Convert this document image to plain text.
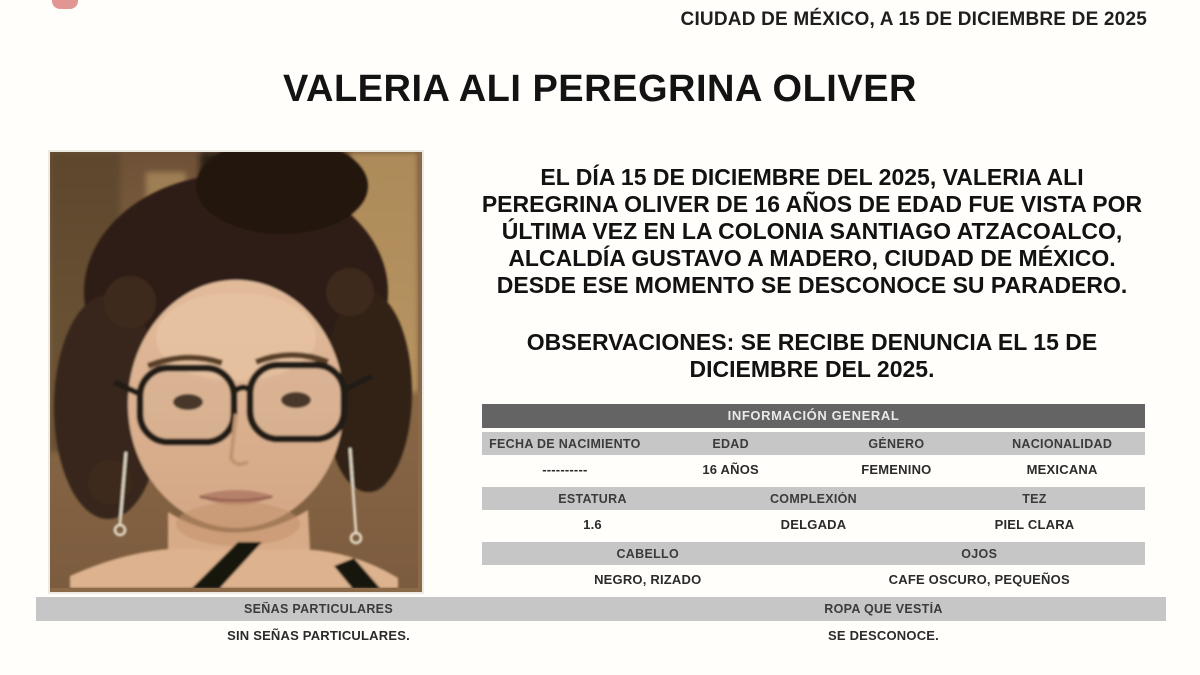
CIUDAD DE MÉXICO, A 15 DE DICIEMBRE DE 2025
VALERIA ALI PEREGRINA OLIVER
EL DÍA 15 DE DICIEMBRE DEL 2025, VALERIA ALI
PEREGRINA OLIVER DE 16 AÑOS DE EDAD FUE VISTA POR
ÚLTIMA VEZ EN LA COLONIA SANTIAGO ATZACOALCO,
ALCALDÍA GUSTAVO A MADERO, CIUDAD DE MÉXICO.
DESDE ESE MOMENTO SE DESCONOCE SU PARADERO.
OBSERVACIONES: SE RECIBE DENUNCIA EL 15 DE
DICIEMBRE DEL 2025.
INFORMACIÓN GENERAL
FECHA DE NACIMIENTO	EDAD	GÉNERO	NACIONALIDAD
----------	16 AÑOS	FEMENINO	MEXICANA
ESTATURA	COMPLEXIÓN	TEZ
1.6	DELGADA	PIEL CLARA
CABELLO	OJOS
NEGRO, RIZADO	CAFE OSCURO, PEQUEÑOS
SEÑAS PARTICULARES	ROPA QUE VESTÍA
SIN SEÑAS PARTICULARES.	SE DESCONOCE.
